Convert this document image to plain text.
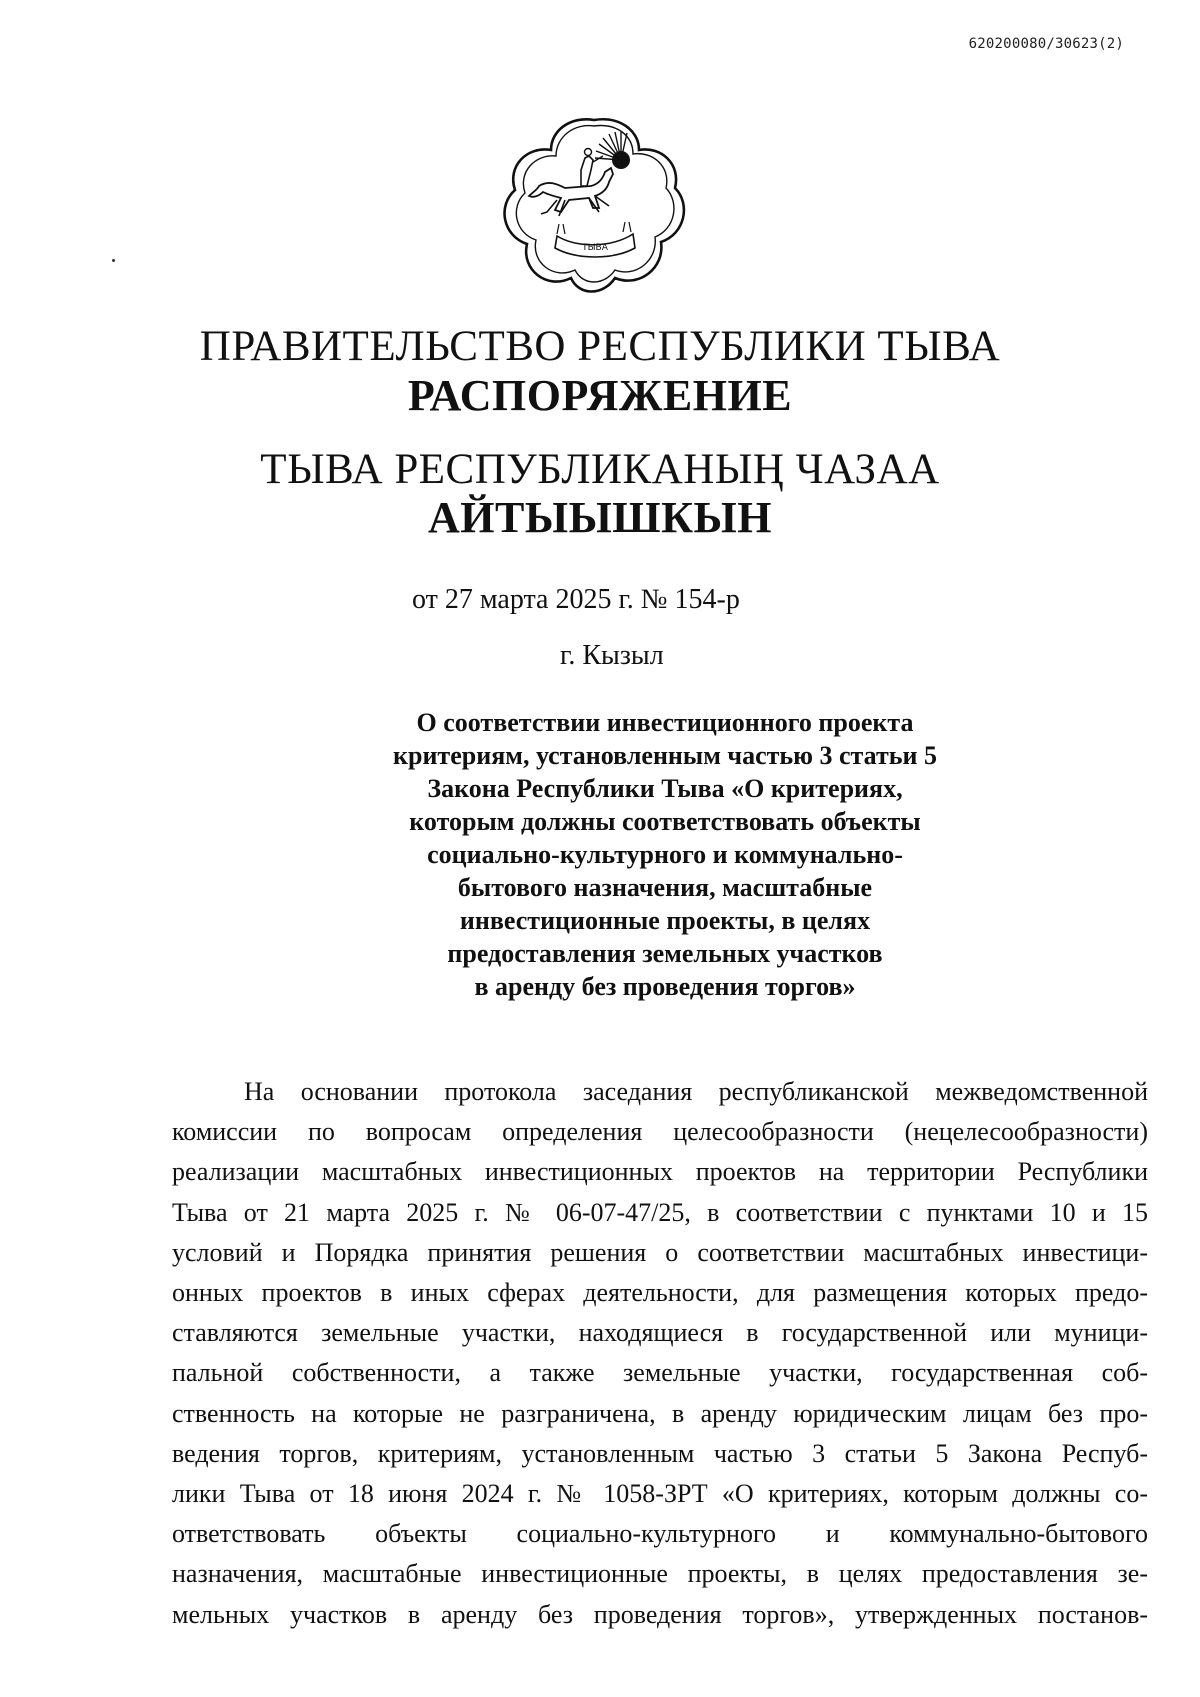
620200080/30623(2)
ТЫВА
ПРАВИТЕЛЬСТВО РЕСПУБЛИКИ ТЫВА
РАСПОРЯЖЕНИЕ
ТЫВА РЕСПУБЛИКАНЫҢ ЧАЗАА
АЙТЫЫШКЫН
от 27 марта 2025 г. № 154-р
г. Кызыл
О соответствии инвестиционного проекта
критериям, установленным частью 3 статьи 5
Закона Республики Тыва «О критериях,
которым должны соответствовать объекты
социально-культурного и коммунально-
бытового назначения, масштабные
инвестиционные проекты, в целях
предоставления земельных участков
в аренду без проведения торгов»
На основании протокола заседания республиканской межведомственной
комиссии по вопросам определения целесообразности (нецелесообразности)
реализации масштабных инвестиционных проектов на территории Республики
Тыва от 21 марта 2025 г. № 06-07-47/25, в соответствии с пунктами 10 и 15
условий и Порядка принятия решения о соответствии масштабных инвестици-
онных проектов в иных сферах деятельности, для размещения которых предо-
ставляются земельные участки, находящиеся в государственной или муници-
пальной собственности, а также земельные участки, государственная соб-
ственность на которые не разграничена, в аренду юридическим лицам без про-
ведения торгов, критериям, установленным частью 3 статьи 5 Закона Респуб-
лики Тыва от 18 июня 2024 г. № 1058-ЗРТ «О критериях, которым должны со-
ответствовать объекты социально-культурного и коммунально-бытового
назначения, масштабные инвестиционные проекты, в целях предоставления зе-
мельных участков в аренду без проведения торгов», утвержденных постанов-
